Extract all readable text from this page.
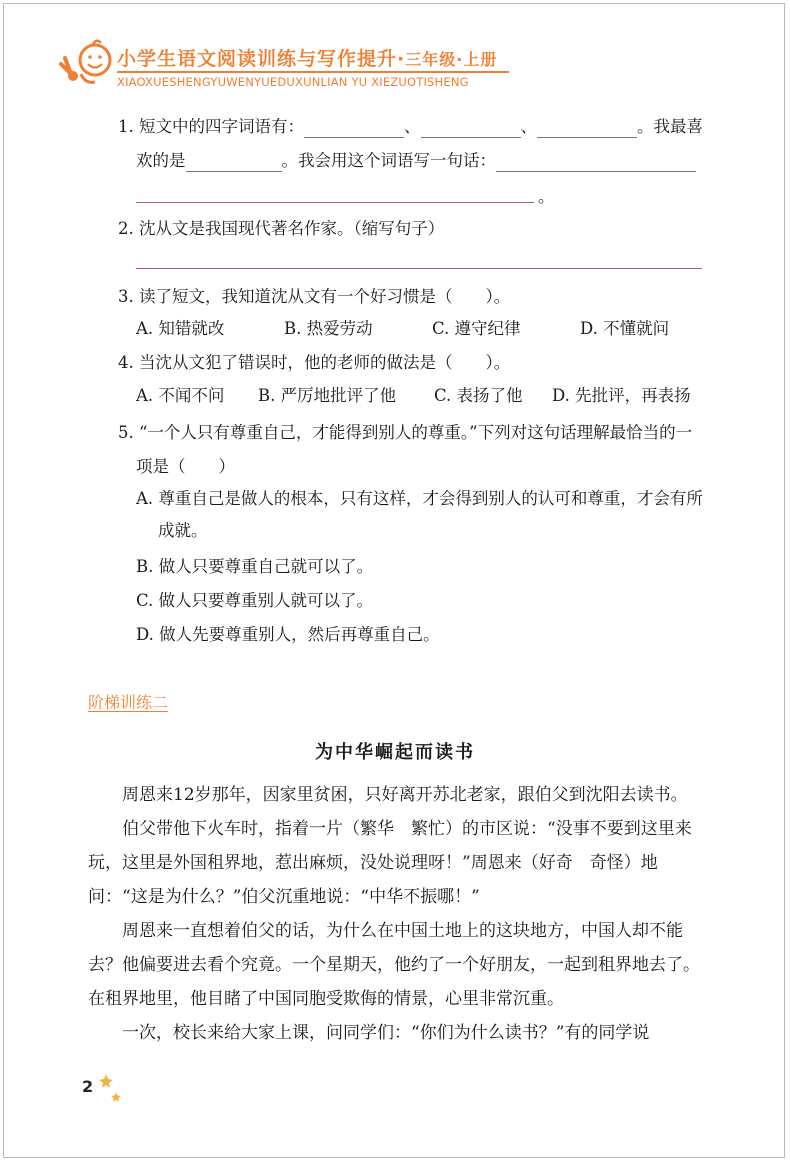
小学生语文阅读训练与写作提升·三年级·上册
XIAOXUESHENGYUWENYUEDUXUNLIAN YU XIEZUOTISHENG
1. 短文中的四字词语有：	、	、	。我最喜
欢的是	。我会用这个词语写一句话：
。
2. 沈从文是我国现代著名作家。（缩写句子）
3. 读了短文，我知道沈从文有一个好习惯是（　　）。
A. 知错就改	B. 热爱劳动	C. 遵守纪律	D. 不懂就问
4. 当沈从文犯了错误时，他的老师的做法是（　　）。
A. 不闻不问 B. 严厉地批评了他 C. 表扬了他 D. 先批评，再表扬
5. “一个人只有尊重自己，才能得到别人的尊重。”下列对这句话理解最恰当的一
项是（　　）
A. 尊重自己是做人的根本，只有这样，才会得到别人的认可和尊重，才会有所
成就。
B. 做人只要尊重自己就可以了。
C. 做人只要尊重别人就可以了。
D. 做人先要尊重别人，然后再尊重自己。
阶梯训练二
为中华崛起而读书
周恩来12岁那年，因家里贫困，只好离开苏北老家，跟伯父到沈阳去读书。
伯父带他下火车时，指着一片（繁华　繁忙）的市区说：“没事不要到这里来玩，这里是外国租界地，惹出麻烦，没处说理呀！”周恩来（好奇　奇怪）地问：“这是为什么？”伯父沉重地说：“中华不振哪！”
周恩来一直想着伯父的话，为什么在中国土地上的这块地方，中国人却不能去？他偏要进去看个究竟。一个星期天，他约了一个好朋友，一起到租界地去了。在租界地里，他目睹了中国同胞受欺侮的情景，心里非常沉重。
一次，校长来给大家上课，问同学们：“你们为什么读书？”有的同学说
2
